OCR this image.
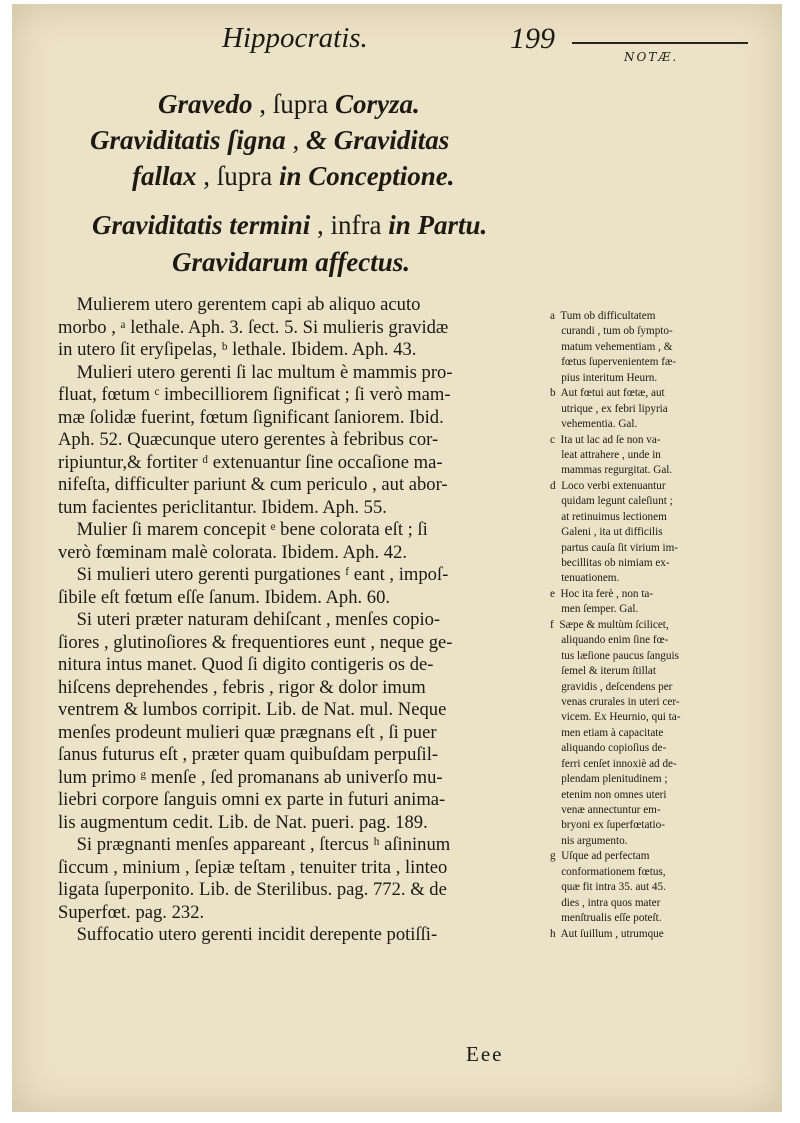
Hippocratis.	199
NOTÆ.
Gravedo , ſupra Coryza.
Graviditatis ſigna , & Graviditas
fallax , ſupra in Conceptione.
Graviditatis termini , infra in Partu.
Gravidarum affectus.
Mulierem utero gerentem capi ab aliquo acuto
morbo , ᵃ lethale. Aph. 3. ſect. 5. Si mulieris gravidæ
in utero ſit eryſipelas, ᵇ lethale. Ibidem. Aph. 43.
Mulieri utero gerenti ſi lac multum è mammis pro-
fluat, fœtum ᶜ imbecilliorem ſignificat ; ſi verò mam-
mæ ſolidæ fuerint, fœtum ſignificant ſaniorem. Ibid.
Aph. 52. Quæcunque utero gerentes à febribus cor-
ripiuntur,& fortiter ᵈ extenuantur ſine occaſione ma-
nifeſta, difficulter pariunt & cum periculo , aut abor-
tum facientes periclitantur. Ibidem. Aph. 55.
Mulier ſi marem concepit ᵉ bene colorata eſt ; ſi
verò fœminam malè colorata. Ibidem. Aph. 42.
Si mulieri utero gerenti purgationes ᶠ eant , impoſ-
ſibile eſt fœtum eſſe ſanum. Ibidem. Aph. 60.
Si uteri præter naturam dehiſcant , menſes copio-
ſiores , glutinoſiores & frequentiores eunt , neque ge-
nitura intus manet. Quod ſi digito contigeris os de-
hiſcens deprehendes , febris , rigor & dolor imum
ventrem & lumbos corripit. Lib. de Nat. mul. Neque
menſes prodeunt mulieri quæ prægnans eſt , ſi puer
ſanus futurus eſt , præter quam quibuſdam perpuſil-
lum primo ᵍ menſe , ſed promanans ab univerſo mu-
liebri corpore ſanguis omni ex parte in futuri anima-
lis augmentum cedit. Lib. de Nat. pueri. pag. 189.
Si prægnanti menſes appareant , ſtercus ʰ aſininum
ſiccum , minium , ſepiæ teſtam , tenuiter trita , linteo
ligata ſuperponito. Lib. de Sterilibus. pag. 772. & de
Superfœt. pag. 232.
Suffocatio utero gerenti incidit derepente potiſſi-
a  Tum ob difficultatem
curandi , tum ob ſympto-
matum vehementiam , &
fœtus ſupervenientem fæ-
pius interitum Heurn.
b  Aut fœtui aut fœtæ, aut
utrique , ex febri lipyria
vehementia. Gal.
c  Ita ut lac ad ſe non va-
leat attrahere , unde in
mammas regurgitat. Gal.
d  Loco verbi extenuantur
quidam legunt caleſiunt ;
at retinuimus lectionem
Galeni , ita ut difficilis
partus cauſa ſit virium im-
becillitas ob nimiam ex-
tenuationem.
e  Hoc ita ferè , non ta-
men ſemper. Gal.
f  Sæpe & multùm ſcilicet,
aliquando enim ſine fœ-
tus læſione paucus ſanguis
ſemel & iterum ſtillat
gravidis , deſcendens per
venas crurales in uteri cer-
vicem. Ex Heurnio, qui ta-
men etiam à capacitate
aliquando copioſius de-
ferri cenſet innoxiè ad de-
plendam plenitudinem ;
etenim non omnes uteri
venæ annectuntur em-
bryoni ex ſuperfœtatio-
nis argumento.
g  Uſque ad perfectam
conformationem fœtus,
quæ fit intra 35. aut 45.
dies , intra quos mater
menſtrualis eſſe poteſt.
h  Aut ſuillum , utrumque
Eee
